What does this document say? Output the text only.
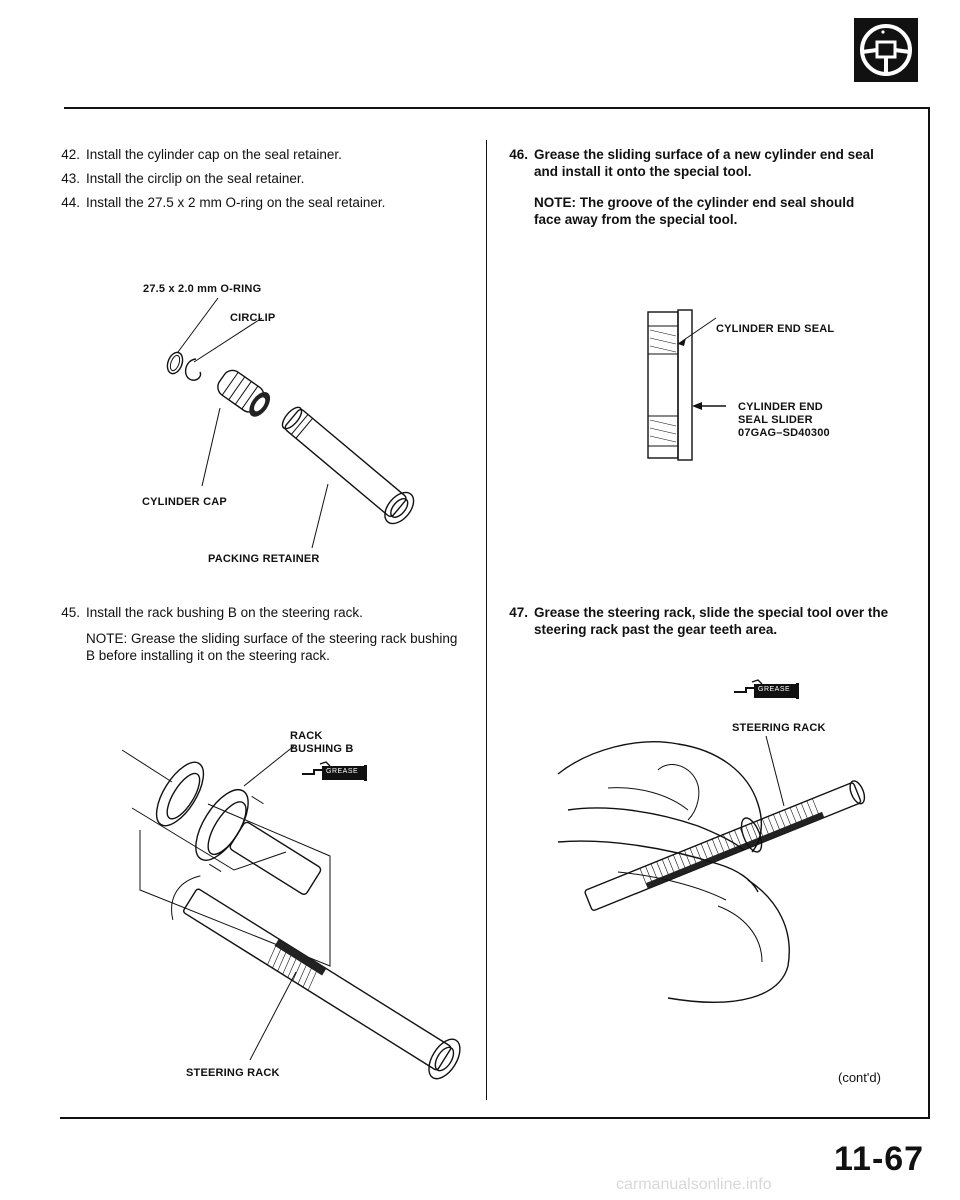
42. Install the cylinder cap on the seal retainer.
43. Install the circlip on the seal retainer.
44. Install the 27.5 x 2 mm O-ring on the seal retainer.
27.5 x 2.0 mm O-RING
CIRCLIP
CYLINDER CAP
PACKING RETAINER
45. Install the rack bushing B on the steering rack.
NOTE: Grease the sliding surface of the steering rack bushing B before installing it on the steering rack.
RACK
BUSHING B
STEERING RACK
GREASE
46. Grease the sliding surface of a new cylinder end seal and install it onto the special tool.
NOTE: The groove of the cylinder end seal should face away from the special tool.
CYLINDER END SEAL
CYLINDER END
SEAL SLIDER
07GAG–SD40300
47. Grease the steering rack, slide the special tool over the steering rack past the gear teeth area.
GREASE
STEERING RACK
(cont'd)
11-67
carmanualsonline.info
